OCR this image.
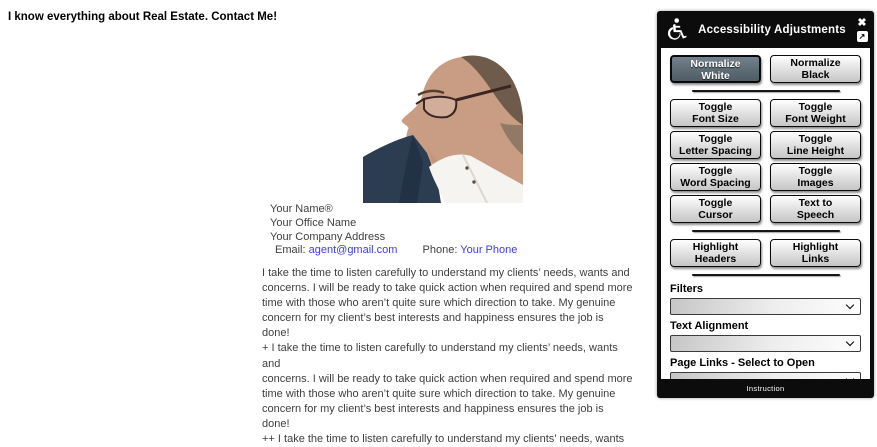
I know everything about Real Estate. Contact Me!
Your Name®
Your Office Name
Your Company Address
Email: agent@gmail.com Phone: Your Phone
I take the time to listen carefully to understand my clients’ needs, wants and
concerns. I will be ready to take quick action when required and spend more
time with those who aren’t quite sure which direction to take. My genuine
concern for my client’s best interests and happiness ensures the job is done!
+ I take the time to listen carefully to understand my clients’ needs, wants and
concerns. I will be ready to take quick action when required and spend more
time with those who aren’t quite sure which direction to take. My genuine
concern for my client’s best interests and happiness ensures the job is done!
++ I take the time to listen carefully to understand my clients’ needs, wants
Accessibility Adjustments
✖
↗
Normalize
White
Normalize
Black
Toggle
Font Size
Toggle
Font Weight
Toggle
Letter Spacing
Toggle
Line Height
Toggle
Word Spacing
Toggle
Images
Toggle
Cursor
Text to
Speech
Highlight
Headers
Highlight
Links
Filters
Text Alignment
Page Links - Select to Open
Instruction
